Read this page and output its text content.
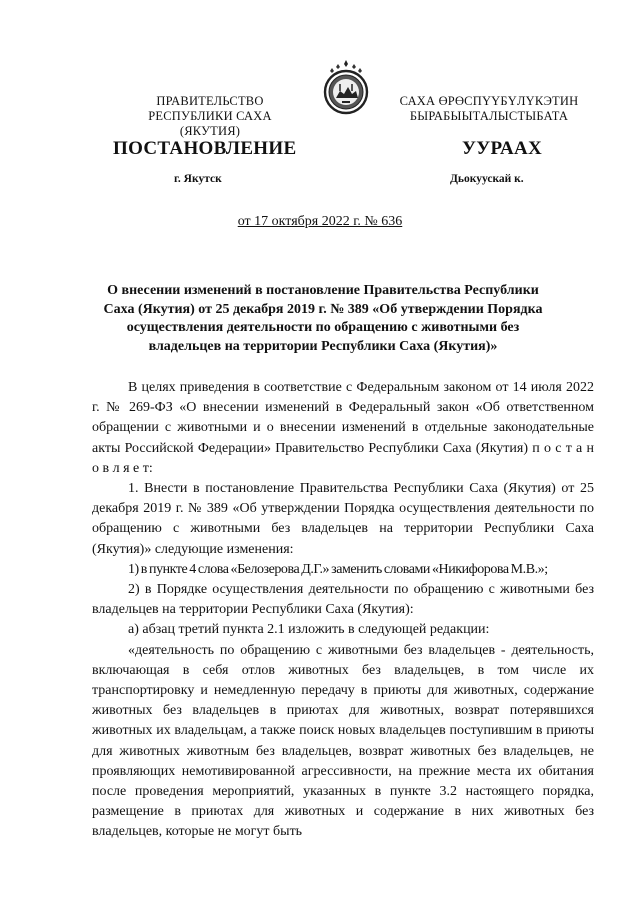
ПРАВИТЕЛЬСТВО
РЕСПУБЛИКИ САХА (ЯКУТИЯ)
САХА ӨРӨСПҮҮБҮЛҮКЭТИН
БЫРАБЫЫТАЛЫСТЫБАТА
ПОСТАНОВЛЕНИЕ	УУРААХ
г. Якутск	Дьокуускай к.
от 17 октября 2022 г. № 636
О внесении изменений в постановление Правительства Республики
Саха (Якутия) от 25 декабря 2019 г. № 389 «Об утверждении Порядка
осуществления деятельности по обращению с животными без
владельцев на территории Республики Саха (Якутия)»

В целях приведения в соответствие с Федеральным законом от 14 июля 2022 г. № 269-ФЗ «О внесении изменений в Федеральный закон «Об ответственном обращении с животными и о внесении изменений в отдельные законодательные акты Российской Федерации» Правительство Республики Саха (Якутия) п о с т а н о в л я е т:

1. Внести в постановление Правительства Республики Саха (Якутия) от 25 декабря 2019 г. № 389 «Об утверждении Порядка осуществления деятельности по обращению с животными без владельцев на территории Республики Саха (Якутия)» следующие изменения:

1) в пункте 4 слова «Белозерова Д.Г.» заменить словами «Никифорова М.В.»;

2) в Порядке осуществления деятельности по обращению с животными без владельцев на территории Республики Саха (Якутия):

а) абзац третий пункта 2.1 изложить в следующей редакции:

«деятельность по обращению с животными без владельцев - деятельность, включающая в себя отлов животных без владельцев, в том числе их транспортировку и немедленную передачу в приюты для животных, содержание животных без владельцев в приютах для животных, возврат потерявшихся животных их владельцам, а также поиск новых владельцев поступившим в приюты для животных животным без владельцев, возврат животных без владельцев, не проявляющих немотивированной агрессивности, на прежние места их обитания после проведения мероприятий, указанных в пункте 3.2 настоящего порядка, размещение в приютах для животных и содержание в них животных без владельцев, которые не могут быть
